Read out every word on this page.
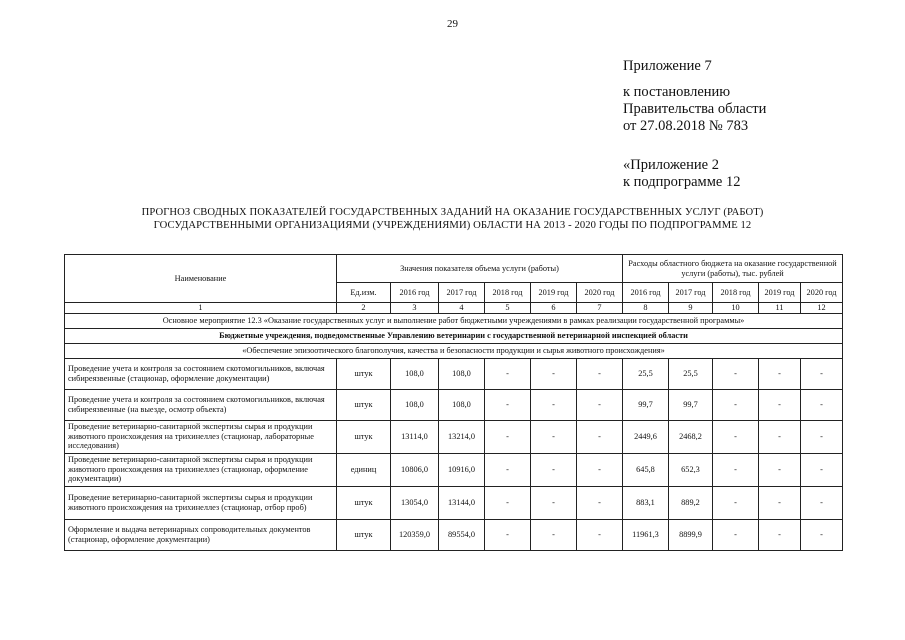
29
Приложение 7
к постановлению
Правительства области
от 27.08.2018 № 783
«Приложение 2
к подпрограмме 12
ПРОГНОЗ СВОДНЫХ ПОКАЗАТЕЛЕЙ ГОСУДАРСТВЕННЫХ ЗАДАНИЙ НА ОКАЗАНИЕ ГОСУДАРСТВЕННЫХ УСЛУГ (РАБОТ)
ГОСУДАРСТВЕННЫМИ ОРГАНИЗАЦИЯМИ (УЧРЕЖДЕНИЯМИ) ОБЛАСТИ НА 2013 - 2020 ГОДЫ ПО ПОДПРОГРАММЕ 12
Наименование	Значения показателя объема услуги (работы)						Расходы областного бюджета на оказание государственной услуги (работы), тыс. рублей				
	Ед.изм.	2016 год	2017 год	2018 год	2019 год	2020 год	2016 год	2017 год	2018 год	2019 год	2020 год
1	2	3	4	5	6	7	8	9	10	11	12
Основное мероприятие 12.3 «Оказание государственных услуг и выполнение работ бюджетными учреждениями в рамках реализации государственной программы»											
Бюджетные учреждения, подведомственные Управлению ветеринарии с государственной ветеринарной инспекцией области											
«Обеспечение эпизоотического благополучия, качества и безопасности продукции и сырья животного происхождения»											
Проведение учета и контроля за состоянием скотомогильников, включая сибиреязвенные (стационар, оформление документации)	штук	108,0	108,0	-	-	-	25,5	25,5	-	-	-
Проведение учета и контроля за состоянием скотомогильников, включая сибиреязвенные (на выезде, осмотр объекта)	штук	108,0	108,0	-	-	-	99,7	99,7	-	-	-
Проведение ветеринарно-санитарной экспертизы сырья и продукции животного происхождения на трихинеллез (стационар, лабораторные исследования)	штук	13114,0	13214,0	-	-	-	2449,6	2468,2	-	-	-
Проведение ветеринарно-санитарной экспертизы сырья и продукции животного происхождения на трихинеллез (стационар, оформление документации)	единиц	10806,0	10916,0	-	-	-	645,8	652,3	-	-	-
Проведение ветеринарно-санитарной экспертизы сырья и продукции животного происхождения на трихинеллез (стационар, отбор проб)	штук	13054,0	13144,0	-	-	-	883,1	889,2	-	-	-
Оформление и выдача ветеринарных сопроводительных документов (стационар, оформление документации)	штук	120359,0	89554,0	-	-	-	11961,3	8899,9	-	-	-
